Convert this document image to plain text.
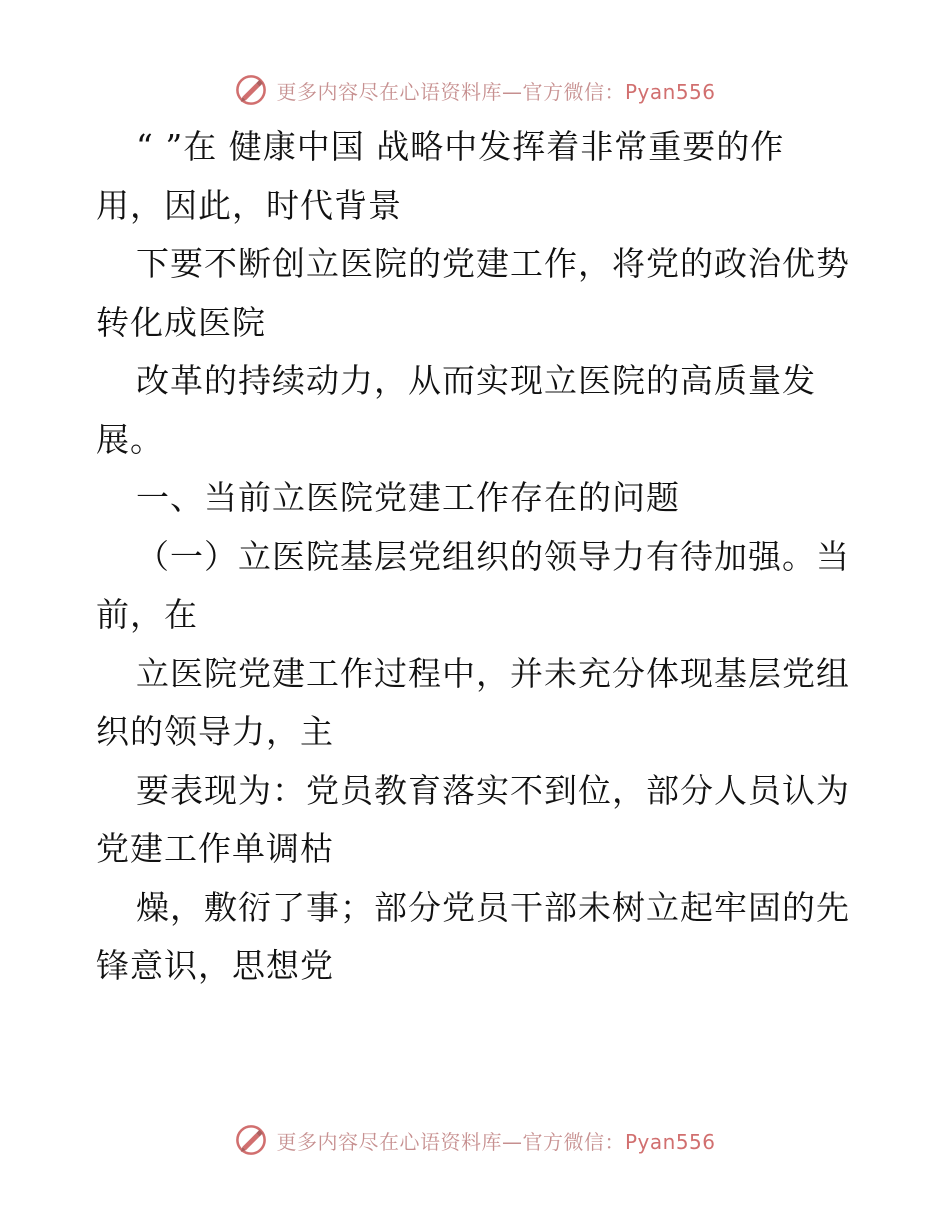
更多内容尽在心语资料库—官方微信：Pyan556

“ ”在 健康中国 战略中发挥着非常重要的作

用，因此，时代背景

下要不断创立医院的党建工作，将党的政治优势

转化成医院

改革的持续动力，从而实现立医院的高质量发

展。

一、当前立医院党建工作存在的问题

（一）立医院基层党组织的领导力有待加强。当

前，在

立医院党建工作过程中，并未充分体现基层党组

织的领导力，主

要表现为：党员教育落实不到位，部分人员认为

党建工作单调枯

燥，敷衍了事；部分党员干部未树立起牢固的先

锋意识，思想党

更多内容尽在心语资料库—官方微信：Pyan556
